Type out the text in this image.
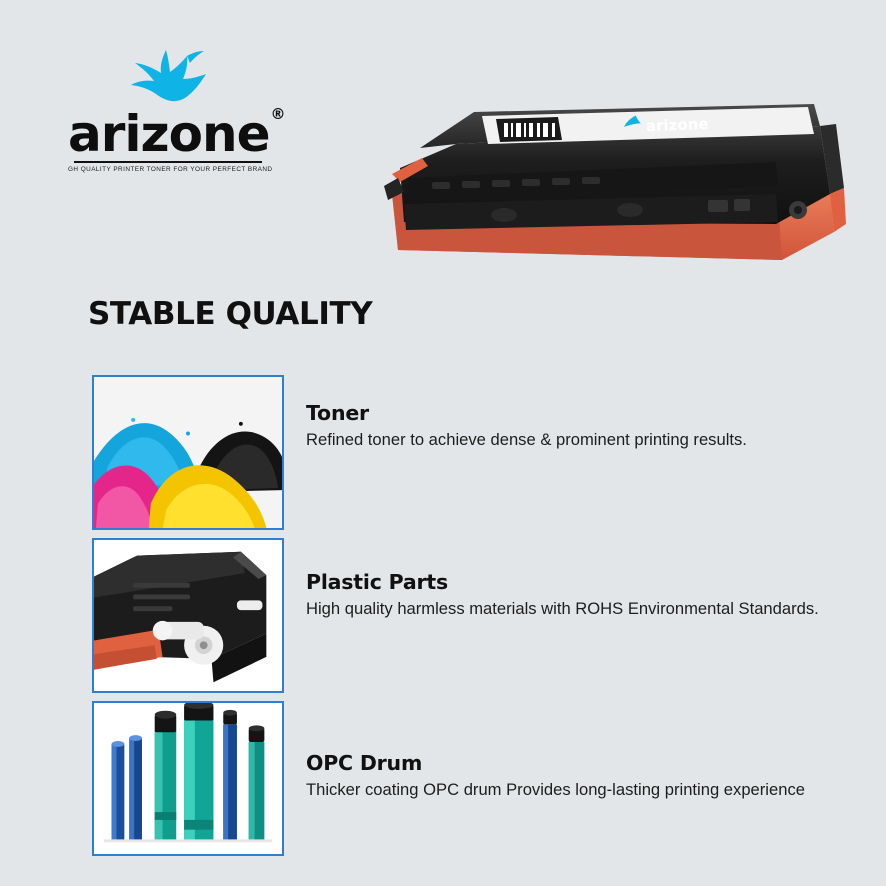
arizone®
GH QUALITY PRINTER TONER FOR YOUR PERFECT BRAND
arizone
STABLE QUALITY
Toner

Refined toner to achieve dense & prominent printing results.

Plastic Parts

High quality harmless materials with ROHS Environmental Standards.

OPC Drum

Thicker coating OPC drum Provides long-lasting printing experience
